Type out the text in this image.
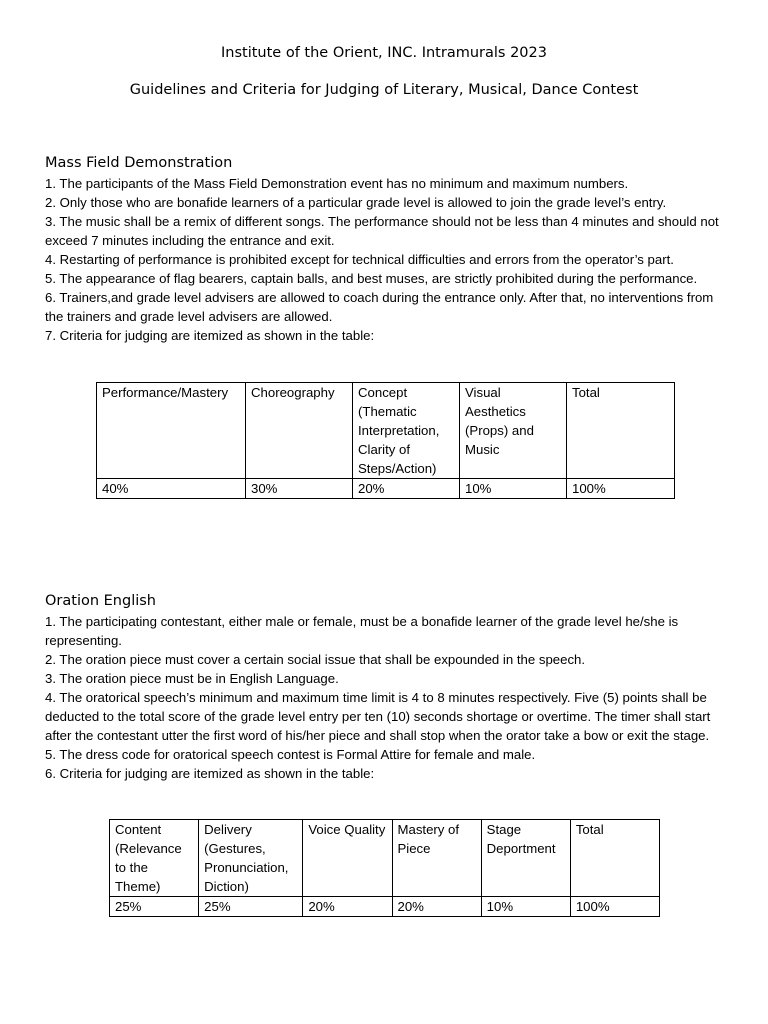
Institute of the Orient, INC. Intramurals 2023
Guidelines and Criteria for Judging of Literary, Musical, Dance Contest
Mass Field Demonstration

1. The participants of the Mass Field Demonstration event has no minimum and maximum numbers.

2. Only those who are bonafide learners of a particular grade level is allowed to join the grade level’s entry.

3. The music shall be a remix of different songs. The performance should not be less than 4 minutes and should not exceed 7 minutes including the entrance and exit.

4. Restarting of performance is prohibited except for technical difficulties and errors from the operator’s part.

5. The appearance of flag bearers, captain balls, and best muses, are strictly prohibited during the performance.

6. Trainers,and grade level advisers are allowed to coach during the entrance only. After that, no interventions from the trainers and grade level advisers are allowed.

7. Criteria for judging are itemized as shown in the table:

Performance/Mastery	Choreography	Concept (Thematic Interpretation, Clarity of Steps/Action)	Visual Aesthetics (Props) and Music	Total
40%	30%	20%	10%	100%
Oration English

1. The participating contestant, either male or female, must be a bonafide learner of the grade level he/she is representing.

2. The oration piece must cover a certain social issue that shall be expounded in the speech.

3. The oration piece must be in English Language.

4. The oratorical speech’s minimum and maximum time limit is 4 to 8 minutes respectively. Five (5) points shall be deducted to the total score of the grade level entry per ten (10) seconds shortage or overtime. The timer shall start after the contestant utter the first word of his/her piece and shall stop when the orator take a bow or exit the stage.

5. The dress code for oratorical speech contest is Formal Attire for female and male.

6. Criteria for judging are itemized as shown in the table:

Content (Relevance to the Theme)	Delivery (Gestures, Pronunciation, Diction)	Voice Quality	Mastery of Piece	Stage Deportment	Total
25%	25%	20%	20%	10%	100%
